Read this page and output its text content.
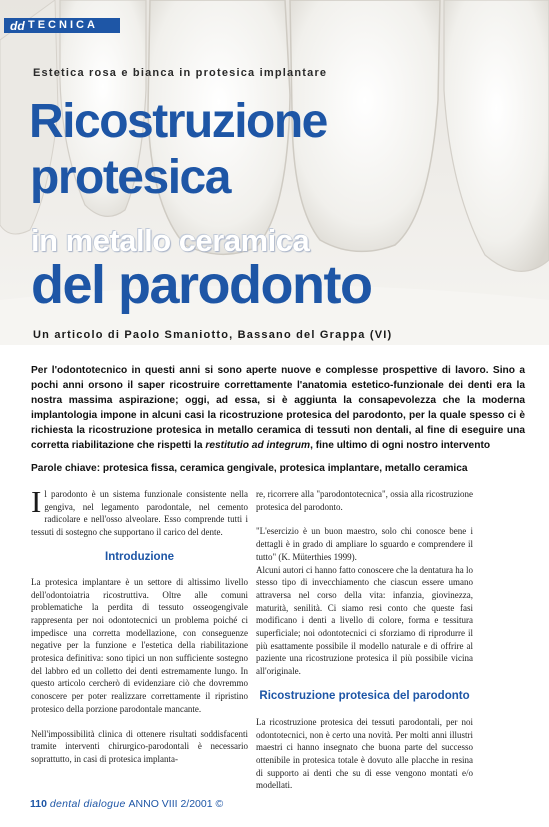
dd TECNICA
Estetica rosa e bianca in protesica implantare
Ricostruzione
protesica
in metallo ceramica
del parodonto
Un articolo di Paolo Smaniotto, Bassano del Grappa (VI)
Per l'odontotecnico in questi anni si sono aperte nuove e complesse prospettive di lavoro. Sino a pochi anni orsono il saper ricostruire correttamente l'anatomia estetico-funzionale dei denti era la nostra massima aspirazione; oggi, ad essa, si è aggiunta la consapevolezza che la moderna implantologia impone in alcuni casi la ricostruzione protesica del parodonto, per la quale spesso ci è richiesta la ricostruzione protesica in metallo ceramica di tessuti non dentali, al fine di eseguire una corretta riabilitazione che rispetti la restitutio ad integrum, fine ultimo di ogni nostro intervento
Parole chiave: protesica fissa, ceramica gengivale, protesica implantare, metallo ceramica

Il parodonto è un sistema funzionale consistente nella gengiva, nel legamento parodontale, nel cemento radicolare e nell'osso alveolare. Esso comprende tutti i tessuti di sostegno che supportano il carico del dente.

Introduzione

La protesica implantare è un settore di altissimo livello dell'odontoiatria ricostruttiva. Oltre alle comuni problematiche la perdita di tessuto osseogengivale rappresenta per noi odontotecnici un problema poiché ci impedisce una corretta modellazione, con conseguenze negative per la funzione e l'estetica della riabilitazione protesica definitiva: sono tipici un non sufficiente sostegno del labbro ed un colletto dei denti estremamente lungo. In questo articolo cercherò di evidenziare ciò che dovremmo conoscere per poter realizzare correttamente il ripristino protesico della porzione parodontale mancante.

Nell'impossibilità clinica di ottenere risultati soddisfacenti tramite interventi chirurgico-parodontali è necessario soprattutto, in casi di protesica implanta-

re, ricorrere alla "parodontotecnica", ossia alla ricostruzione protesica del parodonto.

"L'esercizio è un buon maestro, solo chi conosce bene i dettagli è in grado di ampliare lo sguardo e comprendere il tutto" (K. Müterthies 1999).

Alcuni autori ci hanno fatto conoscere che la dentatura ha lo stesso tipo di invecchiamento che ciascun essere umano attraversa nel corso della vita: infanzia, giovinezza, maturità, senilità. Ci siamo resi conto che queste fasi modificano i denti a livello di colore, forma e tessitura superficiale; noi odontotecnici ci sforziamo di riprodurre il più esattamente possibile il modello naturale e di offrire al paziente una ricostruzione protesica il più possibile vicina all'originale.

Ricostruzione protesica del parodonto

La ricostruzione protesica dei tessuti parodontali, per noi odontotecnici, non è certo una novità. Per molti anni illustri maestri ci hanno insegnato che buona parte del successo ottenibile in protesica totale è dovuto alle placche in resina di supporto ai denti che su di esse vengono montati e/o modellati.

110 dental dialogue ANNO VIII 2/2001 ©
